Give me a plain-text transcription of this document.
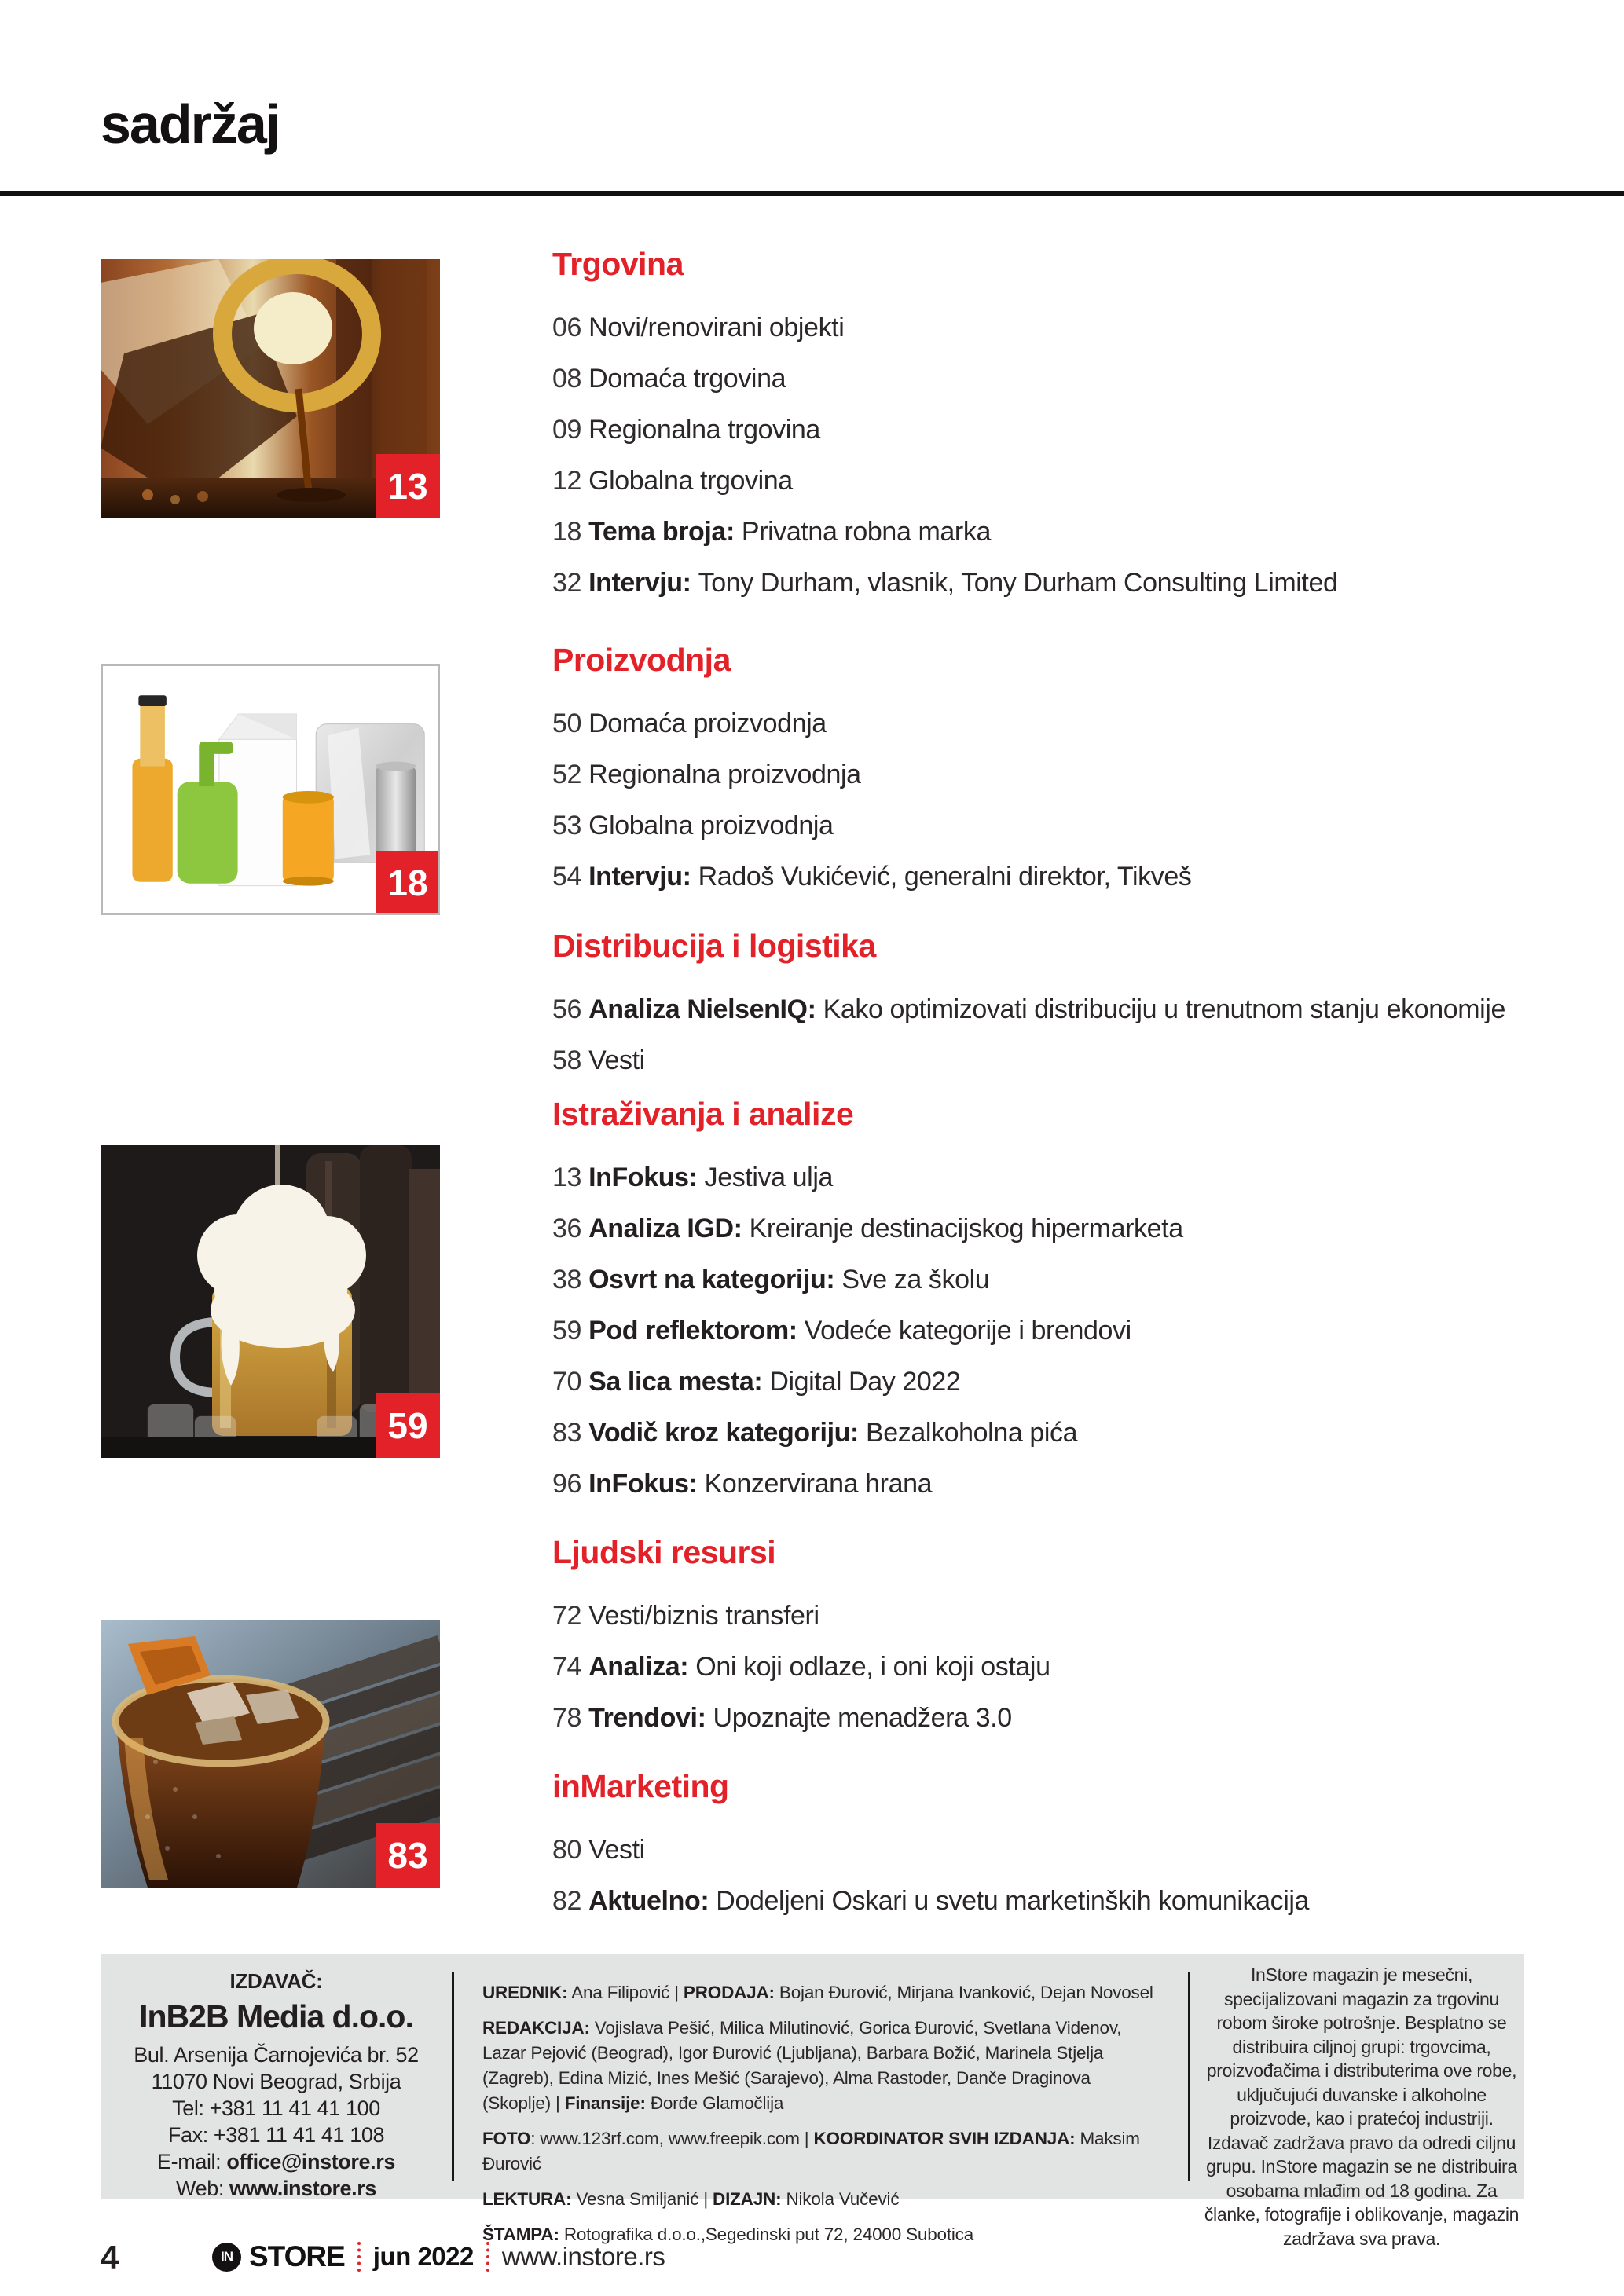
sadržaj
Trgovina
06 Novi/renovirani objekti
08 Domaća trgovina
09 Regionalna trgovina
12 Globalna trgovina
18 Tema broja: Privatna robna marka
32 Intervju: Tony Durham, vlasnik, Tony Durham Consulting Limited
Proizvodnja
50 Domaća proizvodnja
52 Regionalna proizvodnja
53 Globalna proizvodnja
54 Intervju: Radoš Vukićević, generalni direktor, Tikveš
Distribucija i logistika
56 Analiza NielsenIQ: Kako optimizovati distribuciju u trenutnom stanju ekonomije
58 Vesti
Istraživanja i analize
13 InFokus: Jestiva ulja
36 Analiza IGD: Kreiranje destinacijskog hipermarketa
38 Osvrt na kategoriju: Sve za školu
59 Pod reflektorom: Vodeće kategorije i brendovi
70 Sa lica mesta: Digital Day 2022
83 Vodič kroz kategoriju: Bezalkoholna pića
96 InFokus: Konzervirana hrana
Ljudski resursi
72 Vesti/biznis transferi
74 Analiza: Oni koji odlaze, i oni koji ostaju
78 Trendovi: Upoznajte menadžera 3.0
inMarketing
80 Vesti
82 Aktuelno: Dodeljeni Oskari u svetu marketinških komunikacija
13
18
59
83
IZDAVAČ:
InB2B Media d.o.o.
Bul. Arsenija Čarnojevića br. 52
11070 Novi Beograd, Srbija
Tel: +381 11 41 41 100
Fax: +381 11 41 41 108
E-mail: office@instore.rs
Web: www.instore.rs
UREDNIK: Ana Filipović | PRODAJA: Bojan Đurović, Mirjana Ivanković, Dejan Novosel
REDAKCIJA: Vojislava Pešić, Milica Milutinović, Gorica Đurović, Svetlana Videnov, Lazar Pejović (Beograd), Igor Đurović (Ljubljana), Barbara Božić, Marinela Stjelja (Zagreb), Edina Mizić, Ines Mešić (Sarajevo), Alma Rastoder, Danče Draginova (Skoplje) | Finansije: Đorđe Glamočlija
FOTO: www.123rf.com, www.freepik.com | KOORDINATOR SVIH IZDANJA: Maksim Đurović
LEKTURA: Vesna Smiljanić | DIZAJN: Nikola Vučević
ŠTAMPA: Rotografika d.o.o.,Segedinski put 72, 24000 Subotica
InStore magazin je mesečni, specijalizovani magazin za trgovinu robom široke potrošnje. Besplatno se distribuira ciljnoj grupi: trgovcima, proizvođačima i distributerima ove robe, uključujući duvanske i alkoholne proizvode, kao i pratećoj industriji. Izdavač zadržava pravo da odredi ciljnu grupu. InStore magazin se ne distribuira osobama mlađim od 18 godina. Za članke, fotografije i oblikovanje, magazin zadržava sva prava.
4	IN STORE jun 2022 www.instore.rs
